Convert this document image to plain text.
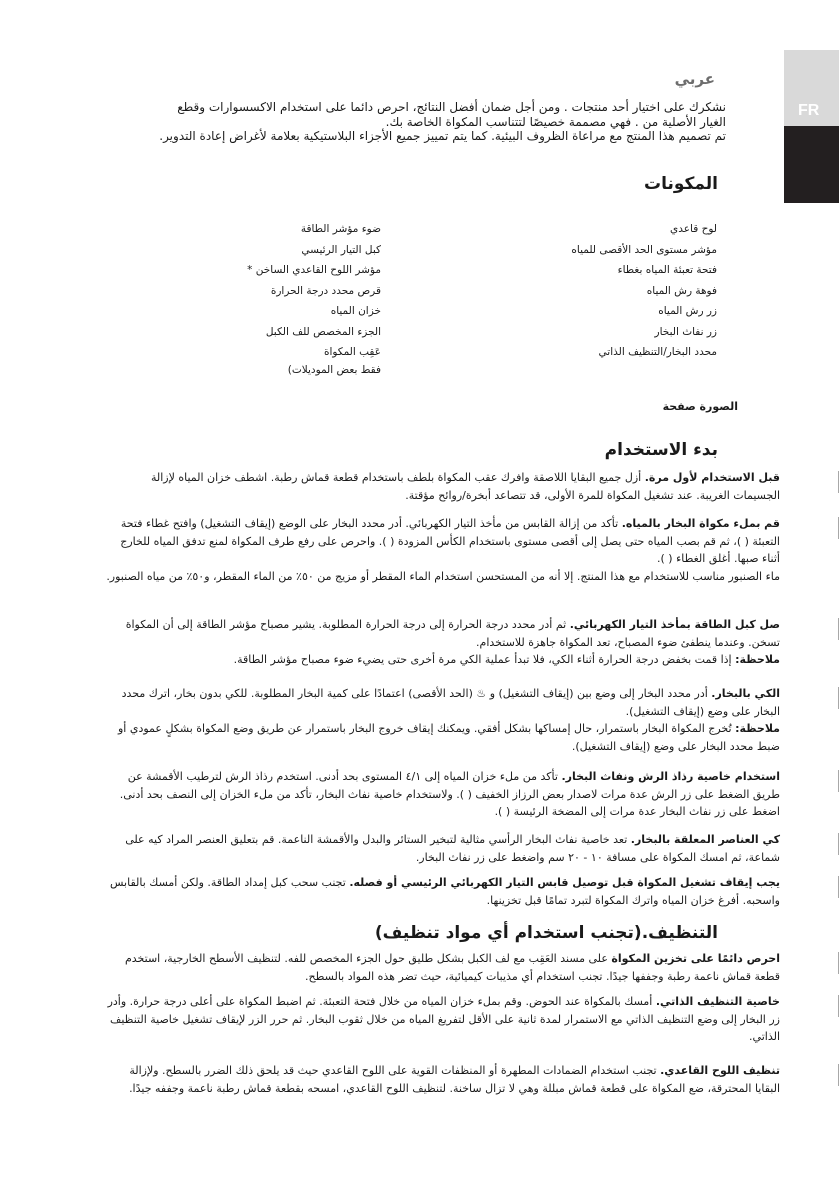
FR
عربي
نشكرك على اختيار أحد منتجات . ومن أجل ضمان أفضل النتائج، احرص دائما على استخدام الاكسسوارات وقطع
الغيار الأصلية من . فهي مصممة خصيصًا لتتناسب المكواة الخاصة بك.
تم تصميم هذا المنتج مع مراعاة الظروف البيئية. كما يتم تمييز جميع الأجزاء البلاستيكية بعلامة لأغراض إعادة التدوير.
المكونات
لوح قاعدي
مؤشر مستوى الحد الأقصى للمياه
فتحة تعبئة المياه بغطاء
فوهة رش المياه
زر رش المياه
زر نفاث البخار
محدد البخار/التنظيف الذاتي
ضوء مؤشر الطاقة
كبل التيار الرئيسي
مؤشر اللوح القاعدي الساخن *
قرص محدد درجة الحرارة
خزان المياه
الجزء المخصص للف الكبل
عَقِب المكواة
فقط بعض الموديلات)
الصورة صفحة
بدء الاستخدام
قبل الاستخدام لأول مرة. أزل جميع البقايا اللاصقة وافرك عقب المكواة بلطف باستخدام قطعة قماش رطبة. اشطف خزان المياه لإزالة الجسيمات الغريبة. عند تشغيل المكواة للمرة الأولى، قد تتصاعد أبخرة/روائح مؤقتة.
قم بملء مكواة البخار بالمياه. تأكد من إزالة القابس من مأخذ التيار الكهربائي. أدر محدد البخار على الوضع (إيقاف التشغيل) وافتح غطاء فتحة التعبئة ( )، ثم قم بصب المياه حتى يصل إلى أقصى مستوى باستخدام الكأس المزودة ( ). واحرص على رفع طرف المكواة لمنع تدفق المياه للخارج أثناء صبها. أغلق الغطاء ( ).
ماء الصنبور مناسب للاستخدام مع هذا المنتج. إلا أنه من المستحسن استخدام الماء المقطر أو مزيج من ٥٠٪ من الماء المقطر، و٥٠٪ من مياه الصنبور.
صل كبل الطاقة بمأخذ التيار الكهربائي. ثم أدر محدد درجة الحرارة إلى درجة الحرارة المطلوبة. يشير مصباح مؤشر الطاقة إلى أن المكواة تسخن. وعندما ينطفئ ضوء المصباح، تعد المكواة جاهزة للاستخدام.
ملاحظة: إذا قمت بخفض درجة الحرارة أثناء الكي، فلا تبدأ عملية الكي مرة أخرى حتى يضيء ضوء مصباح مؤشر الطاقة.
الكي بالبخار. أدر محدد البخار إلى وضع بين (إيقاف التشغيل) و ♨ (الحد الأقصى) اعتمادًا على كمية البخار المطلوبة. للكي بدون بخار، اترك محدد البخار على وضع (إيقاف التشغيل).
ملاحظة: تُخرج المكواة البخار باستمرار، حال إمساكها بشكل أفقي. ويمكنك إيقاف خروج البخار باستمرار عن طريق وضع المكواة بشكلٍ عمودي أو ضبط محدد البخار على وضع (إيقاف التشغيل).
استخدام خاصية رذاذ الرش ونفاث البخار. تأكد من ملء خزان المياه إلى ٤/١ المستوى بحد أدنى. استخدم رذاذ الرش لترطيب الأقمشة عن طريق الضغط على زر الرش عدة مرات لاصدار بعض الرزاز الخفيف ( ). ولاستخدام خاصية نفاث البخار، تأكد من ملء الخزان إلى النصف بحد أدنى. اضغط على زر نفاث البخار عدة مرات إلى المضخة الرئيسة ( ).
كي العناصر المعلقة بالبخار. تعد خاصية نفاث البخار الرأسي مثالية لتبخير الستائر والبدل والأقمشة الناعمة. قم بتعليق العنصر المراد كيه على شماعة، ثم امسك المكواة على مسافة ١٠ - ٢٠ سم واضغط على زر نفاث البخار.
يجب إيقاف تشغيل المكواة قبل توصيل قابس التيار الكهربائي الرئيسي أو فصله. تجنب سحب كبل إمداد الطاقة. ولكن أمسك بالقابس واسحبه. أفرغ خزان المياه واترك المكواة لتبرد تمامًا قبل تخزينها.
التنظيف.(تجنب استخدام أي مواد تنظيف)
احرص دائمًا على تخزين المكواة على مسند العَقِب مع لف الكبل بشكل طليق حول الجزء المخصص للفه. لتنظيف الأسطح الخارجية، استخدم قطعة قماش ناعمة رطبة وجففها جيدًا. تجنب استخدام أي مذيبات كيميائية، حيث تضر هذه المواد بالسطح.
خاصية التنظيف الذاتي. أمسك بالمكواة عند الحوض. وقم بملء خزان المياه من خلال فتحة التعبئة. ثم اضبط المكواة على أعلى درجة حرارة. وأدر زر البخار إلى وضع التنظيف الذاتي مع الاستمرار لمدة ثانية على الأقل لتفريغ المياه من خلال ثقوب البخار. ثم حرر الزر لإيقاف تشغيل خاصية التنظيف الذاتي.
تنظيف اللوح القاعدي. تجنب استخدام الضمادات المطهرة أو المنظفات القوية على اللوح القاعدي حيث قد يلحق ذلك الضرر بالسطح. ولإزالة البقايا المحترقة، ضع المكواة على قطعة قماش مبللة وهي لا تزال ساخنة. لتنظيف اللوح القاعدي، امسحه بقطعة قماش رطبة ناعمة وجففه جيدًا.
